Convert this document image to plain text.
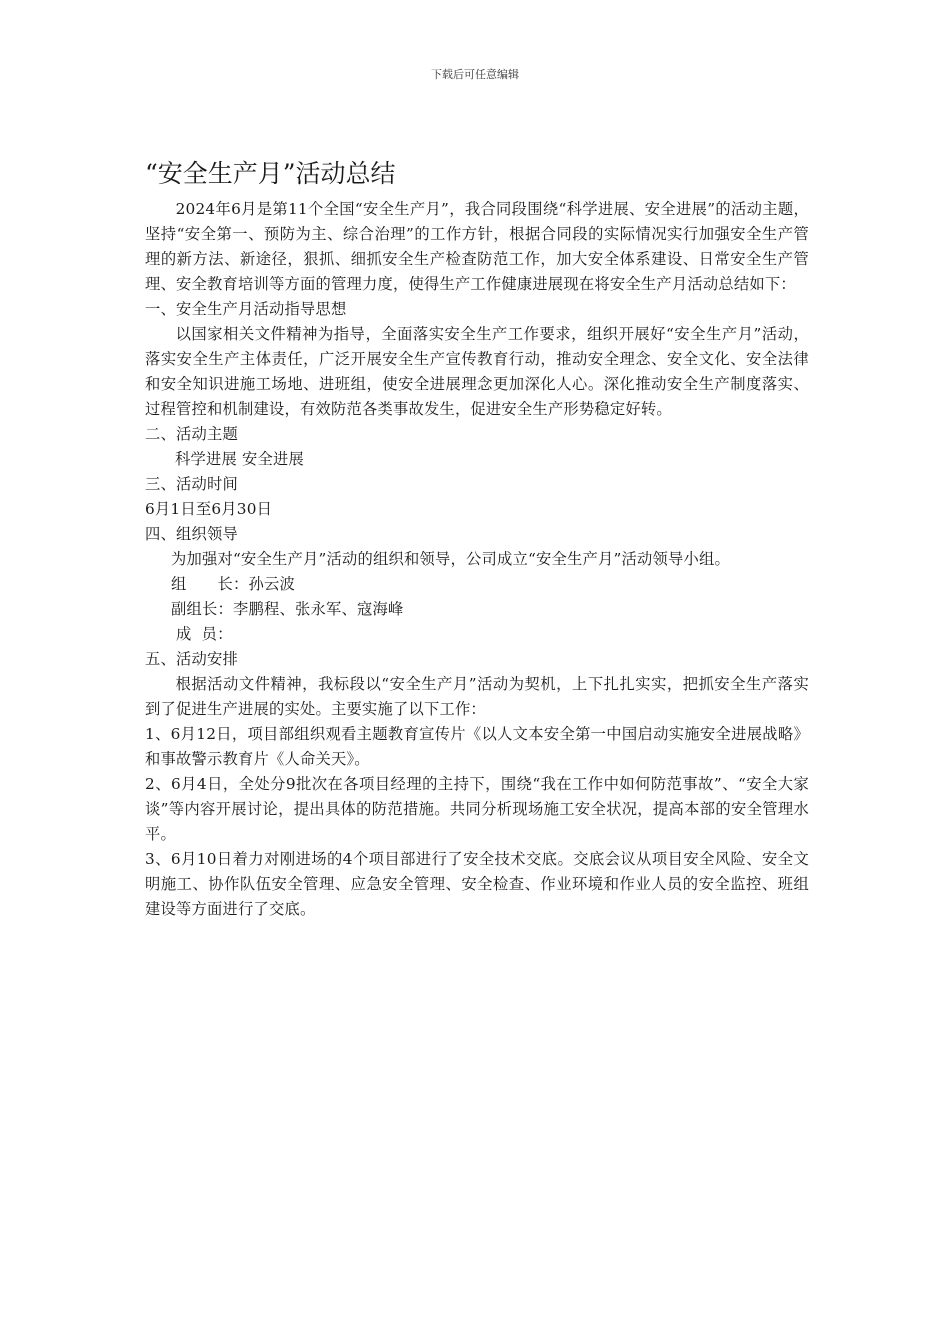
下载后可任意编辑
“安全生产月”活动总结

2024年6月是第11个全国“安全生产月”，我合同段围绕“科学进展、安全进展”的活动主题，坚持“安全第一、预防为主、综合治理”的工作方针，根据合同段的实际情况实行加强安全生产管理的新方法、新途径，狠抓、细抓安全生产检查防范工作，加大安全体系建设、日常安全生产管理、安全教育培训等方面的管理力度，使得生产工作健康进展现在将安全生产月活动总结如下：

一、安全生产月活动指导思想

以国家相关文件精神为指导，全面落实安全生产工作要求，组织开展好“安全生产月”活动，落实安全生产主体责任，广泛开展安全生产宣传教育行动，推动安全理念、安全文化、安全法律和安全知识进施工场地、进班组，使安全进展理念更加深化人心。深化推动安全生产制度落实、过程管控和机制建设，有效防范各类事故发生，促进安全生产形势稳定好转。

二、活动主题

科学进展 安全进展

三、活动时间

6月1日至6月30日

四、组织领导

为加强对“安全生产月”活动的组织和领导，公司成立“安全生产月”活动领导小组。

组　　长：孙云波

副组长：李鹏程、张永军、寇海峰

成  员：

五、活动安排

根据活动文件精神，我标段以“安全生产月”活动为契机，上下扎扎实实，把抓安全生产落实到了促进生产进展的实处。主要实施了以下工作：

1、6月12日，项目部组织观看主题教育宣传片《以人文本安全第一中国启动实施安全进展战略》和事故警示教育片《人命关天》。

2、6月4日，全处分9批次在各项目经理的主持下，围绕“我在工作中如何防范事故”、“安全大家谈”等内容开展讨论，提出具体的防范措施。共同分析现场施工安全状况，提高本部的安全管理水平。

3、6月10日着力对刚进场的4个项目部进行了安全技术交底。交底会议从项目安全风险、安全文明施工、协作队伍安全管理、应急安全管理、安全检查、作业环境和作业人员的安全监控、班组建设等方面进行了交底。
